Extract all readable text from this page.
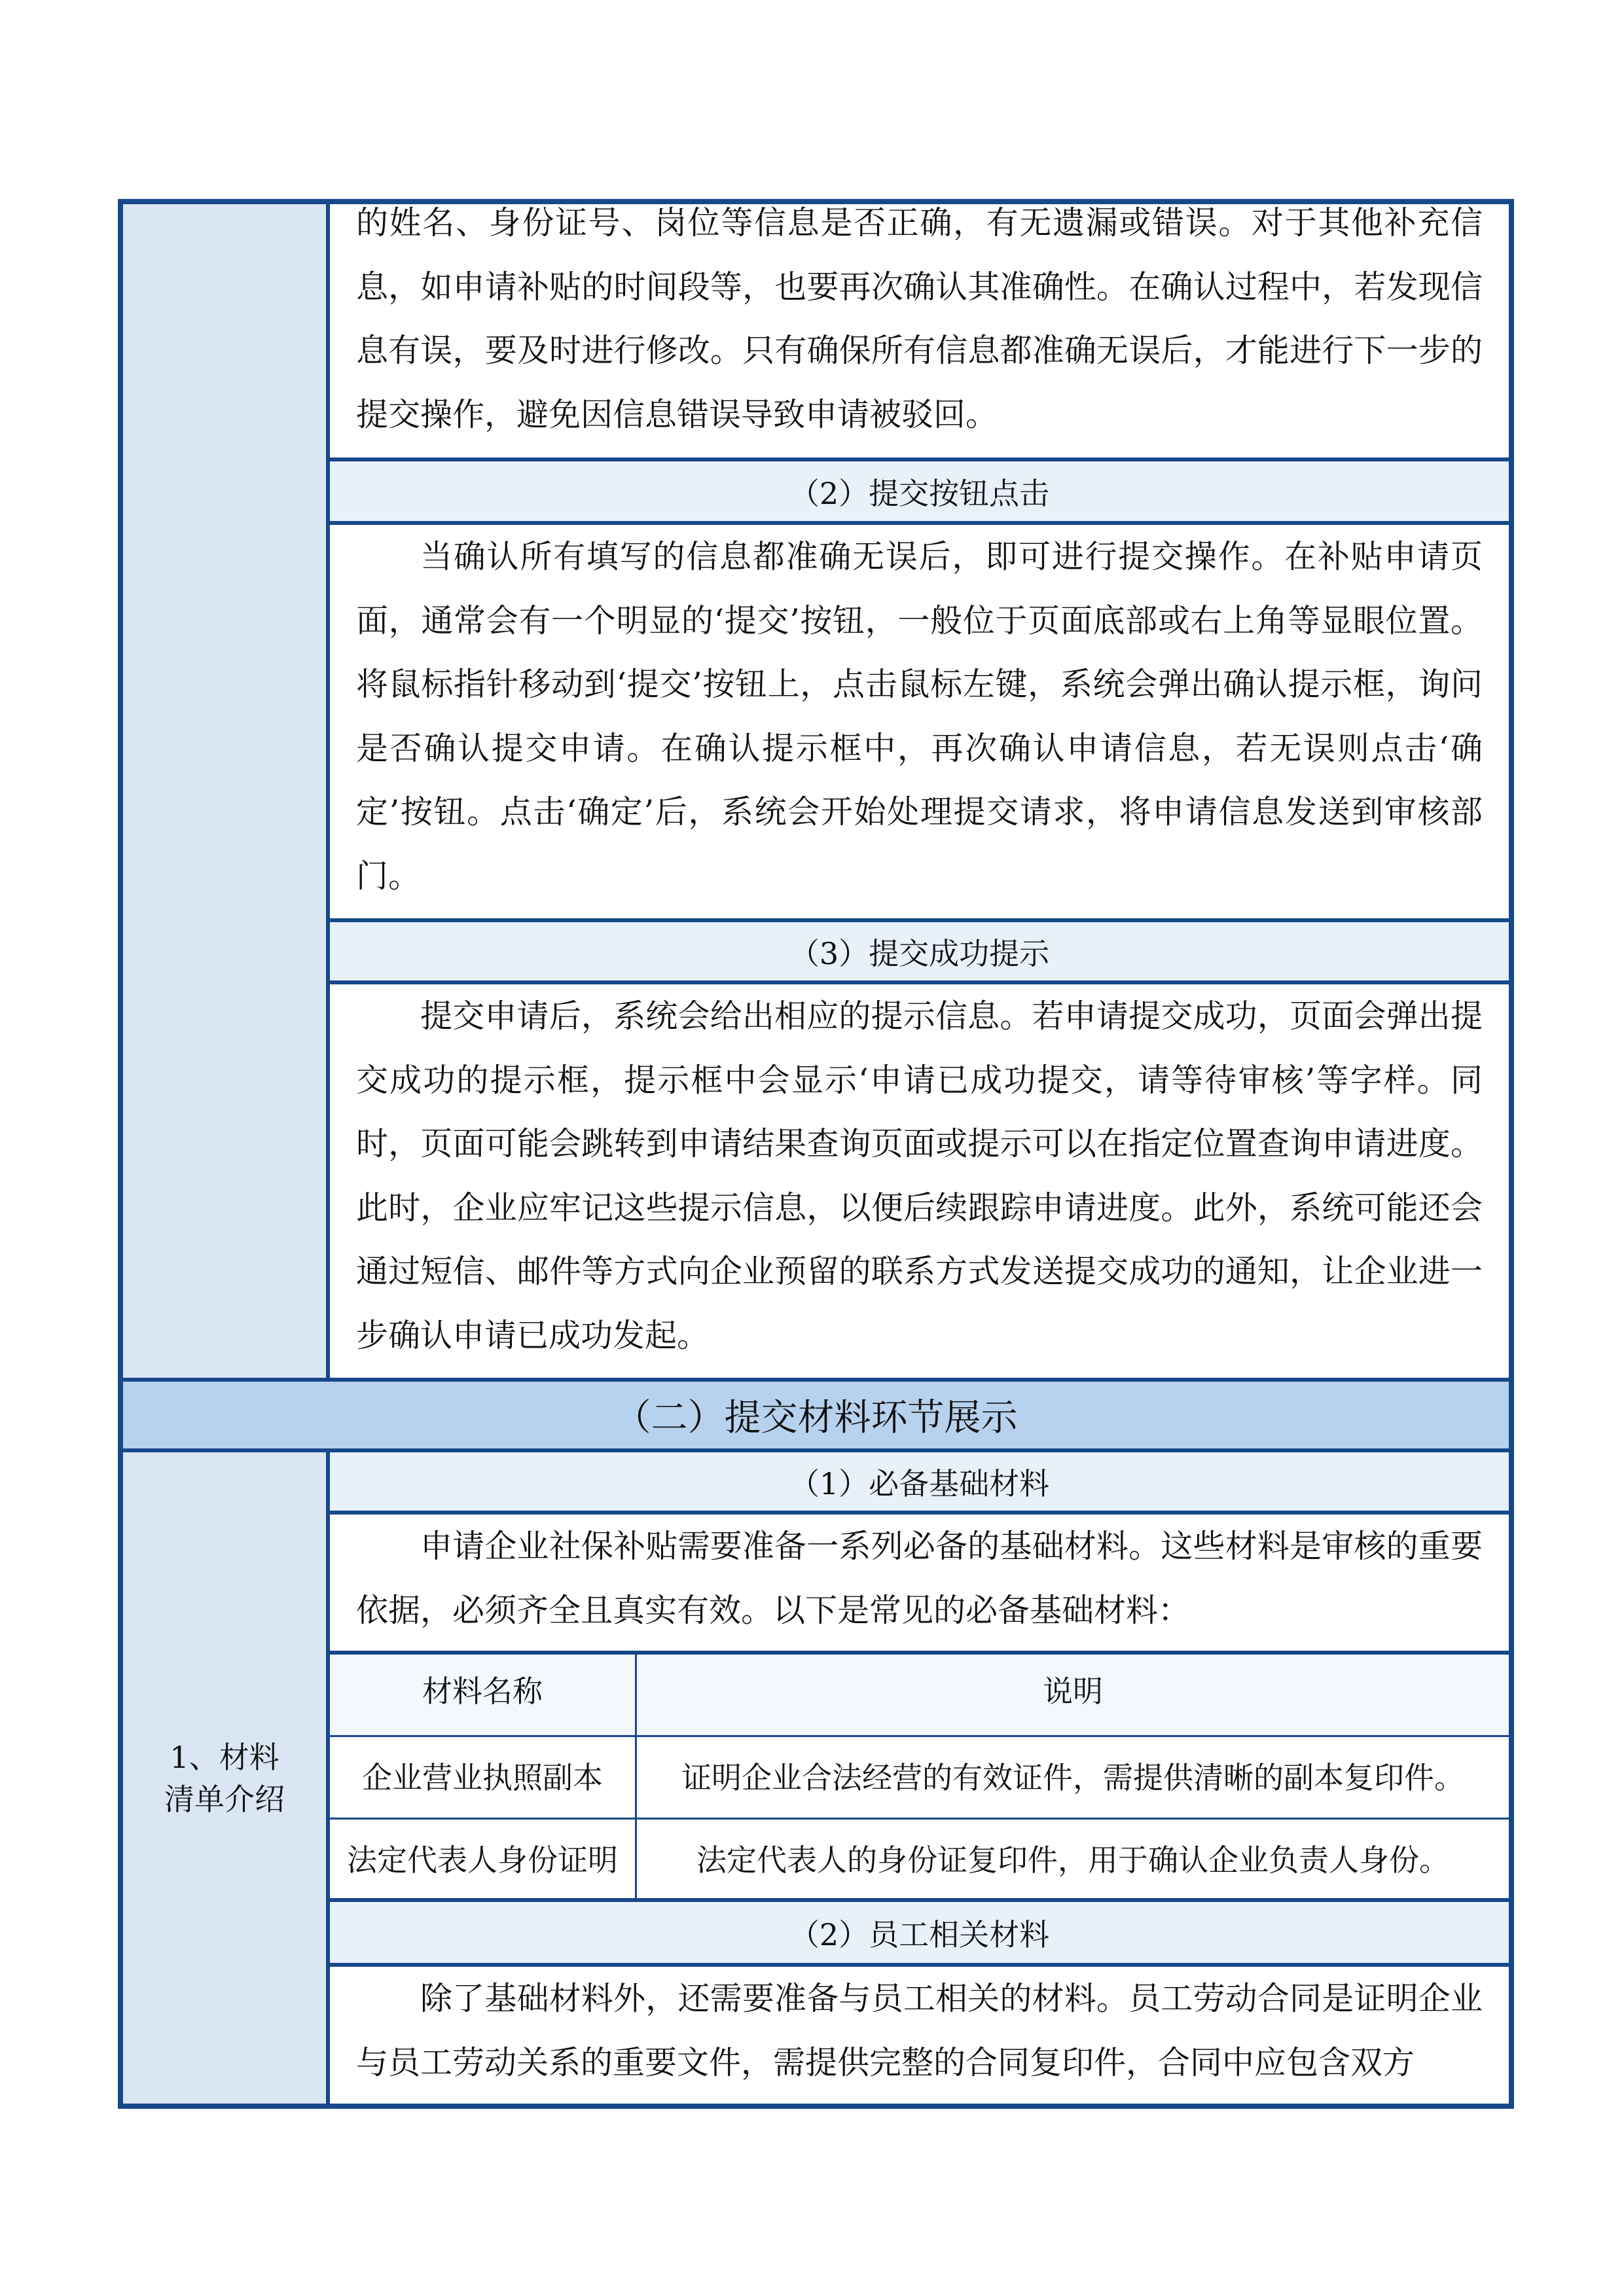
的姓名、身份证号、岗位等信息是否正确，有无遗漏或错误。对于其他补充信息，如申请补贴的时间段等，也要再次确认其准确性。在确认过程中，若发现信息有误，要及时进行修改。只有确保所有信息都准确无误后，才能进行下一步的提交操作，避免因信息错误导致申请被驳回。

（2）提交按钮点击

当确认所有填写的信息都准确无误后，即可进行提交操作。在补贴申请页面，通常会有一个明显的‘提交’按钮，一般位于页面底部或右上角等显眼位置。将鼠标指针移动到‘提交’按钮上，点击鼠标左键，系统会弹出确认提示框，询问是否确认提交申请。在确认提示框中，再次确认申请信息，若无误则点击‘确定’按钮。点击‘确定’后，系统会开始处理提交请求，将申请信息发送到审核部门。

（3）提交成功提示

提交申请后，系统会给出相应的提示信息。若申请提交成功，页面会弹出提交成功的提示框，提示框中会显示‘申请已成功提交，请等待审核’等字样。同时，页面可能会跳转到申请结果查询页面或提示可以在指定位置查询申请进度。此时，企业应牢记这些提示信息，以便后续跟踪申请进度。此外，系统可能还会通过短信、邮件等方式向企业预留的联系方式发送提交成功的通知，让企业进一步确认申请已成功发起。

（二）提交材料环节展示
1、材料清单介绍
（1）必备基础材料

申请企业社保补贴需要准备一系列必备的基础材料。这些材料是审核的重要依据，必须齐全且真实有效。以下是常见的必备基础材料：

材料名称	说明
企业营业执照副本	证明企业合法经营的有效证件，需提供清晰的副本复印件。
法定代表人身份证明	法定代表人的身份证复印件，用于确认企业负责人身份。
（2）员工相关材料

除了基础材料外，还需要准备与员工相关的材料。员工劳动合同是证明企业与员工劳动关系的重要文件，需提供完整的合同复印件，合同中应包含双方
